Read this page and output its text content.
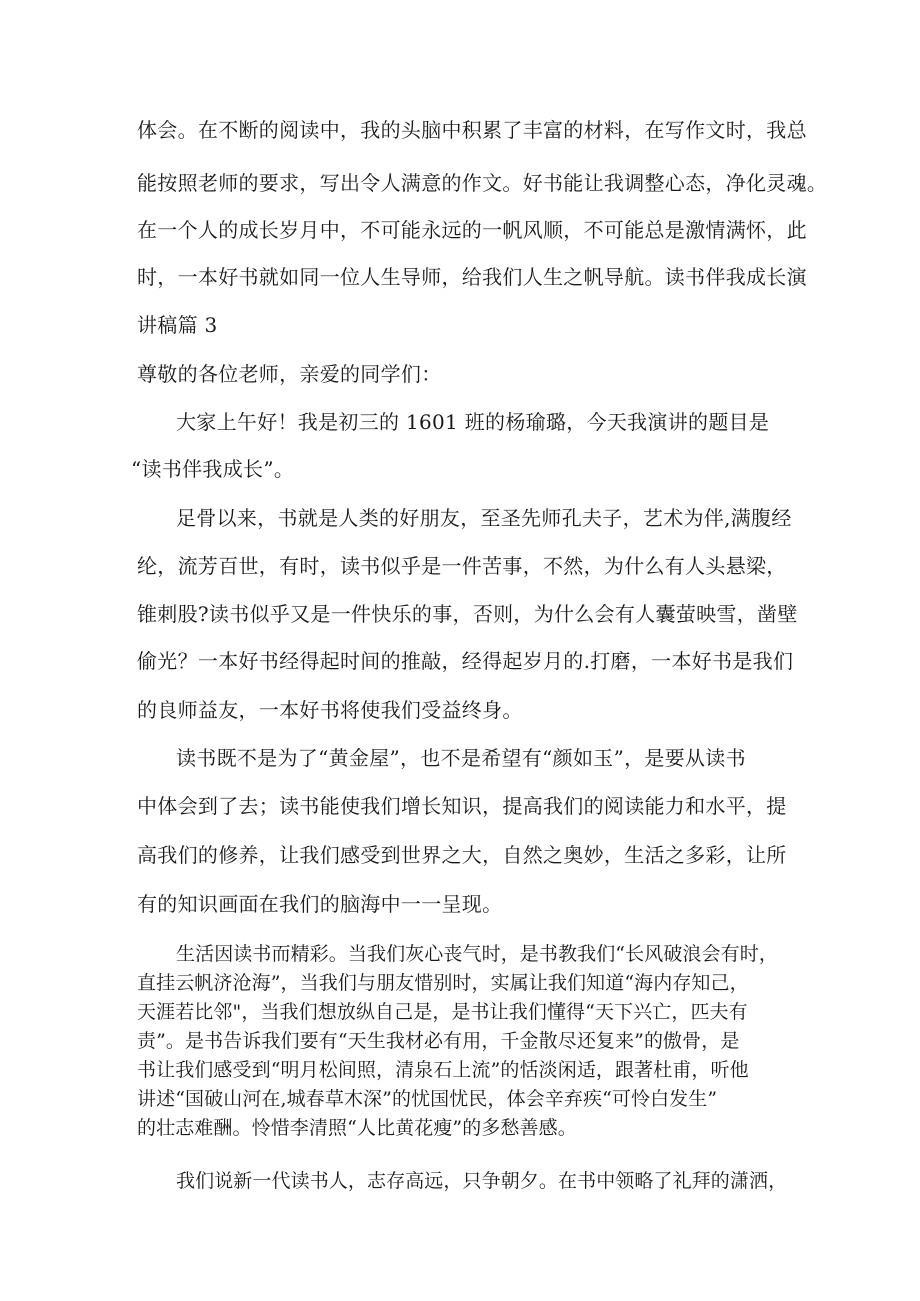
体会。在不断的阅读中，我的头脑中积累了丰富的材料，在写作文时，我总
能按照老师的要求，写出令人满意的作文。好书能让我调整心态，净化灵魂。
在一个人的成长岁月中，不可能永远的一帆风顺，不可能总是激情满怀，此
时，一本好书就如同一位人生导师，给我们人生之帆导航。读书伴我成长演
讲稿篇 3
尊敬的各位老师，亲爱的同学们：
大家上午好！我是初三的 1601 班的杨瑜璐，今天我演讲的题目是
“读书伴我成长”。
足骨以来，书就是人类的好朋友，至圣先师孔夫子，艺术为伴,满腹经
纶，流芳百世，有时，读书似乎是一件苦事，不然，为什么有人头悬梁，
锥刺股?读书似乎又是一件快乐的事，否则，为什么会有人囊萤映雪，凿壁
偷光？一本好书经得起时间的推敲，经得起岁月的.打磨，一本好书是我们
的良师益友，一本好书将使我们受益终身。
读书既不是为了“黄金屋”，也不是希望有“颜如玉”，是要从读书
中体会到了去；读书能使我们增长知识，提高我们的阅读能力和水平，提
高我们的修养，让我们感受到世界之大，自然之奥妙，生活之多彩，让所
有的知识画面在我们的脑海中一一呈现。
生活因读书而精彩。当我们灰心丧气时，是书教我们“长风破浪会有时，
直挂云帆济沧海”，当我们与朋友惜别时，实属让我们知道“海内存知己，
天涯若比邻"，当我们想放纵自己是，是书让我们懂得“天下兴亡，匹夫有
责”。是书告诉我们要有“天生我材必有用，千金散尽还复来”的傲骨，是
书让我们感受到“明月松间照，清泉石上流”的恬淡闲适，跟著杜甫，听他
讲述“国破山河在,城春草木深”的忧国忧民，体会辛弃疾“可怜白发生”
的壮志难酬。怜惜李清照“人比黄花瘦”的多愁善感。
我们说新一代读书人，志存高远，只争朝夕。在书中领略了礼拜的潇洒，
